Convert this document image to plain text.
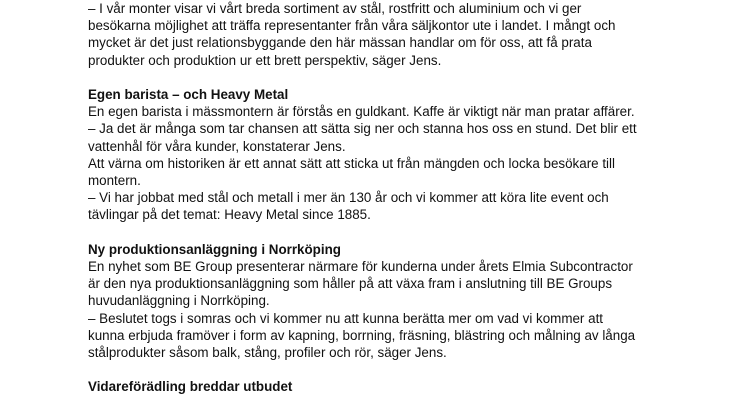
– I vår monter visar vi vårt breda sortiment av stål, rostfritt och aluminium och vi ger
besökarna möjlighet att träffa representanter från våra säljkontor ute i landet. I mångt och
mycket är det just relationsbyggande den här mässan handlar om för oss, att få prata
produkter och produktion ur ett brett perspektiv, säger Jens.
Egen barista – och Heavy Metal
En egen barista i mässmontern är förstås en guldkant. Kaffe är viktigt när man pratar affärer.
– Ja det är många som tar chansen att sätta sig ner och stanna hos oss en stund. Det blir ett
vattenhål för våra kunder, konstaterar Jens.
Att värna om historiken är ett annat sätt att sticka ut från mängden och locka besökare till
montern.
– Vi har jobbat med stål och metall i mer än 130 år och vi kommer att köra lite event och
tävlingar på det temat: Heavy Metal since 1885.
Ny produktionsanläggning i Norrköping
En nyhet som BE Group presenterar närmare för kunderna under årets Elmia Subcontractor
är den nya produktionsanläggning som håller på att växa fram i anslutning till BE Groups
huvudanläggning i Norrköping.
– Beslutet togs i somras och vi kommer nu att kunna berätta mer om vad vi kommer att
kunna erbjuda framöver i form av kapning, borrning, fräsning, blästring och målning av långa
stålprodukter såsom balk, stång, profiler och rör, säger Jens.
Vidareförädling breddar utbudet
